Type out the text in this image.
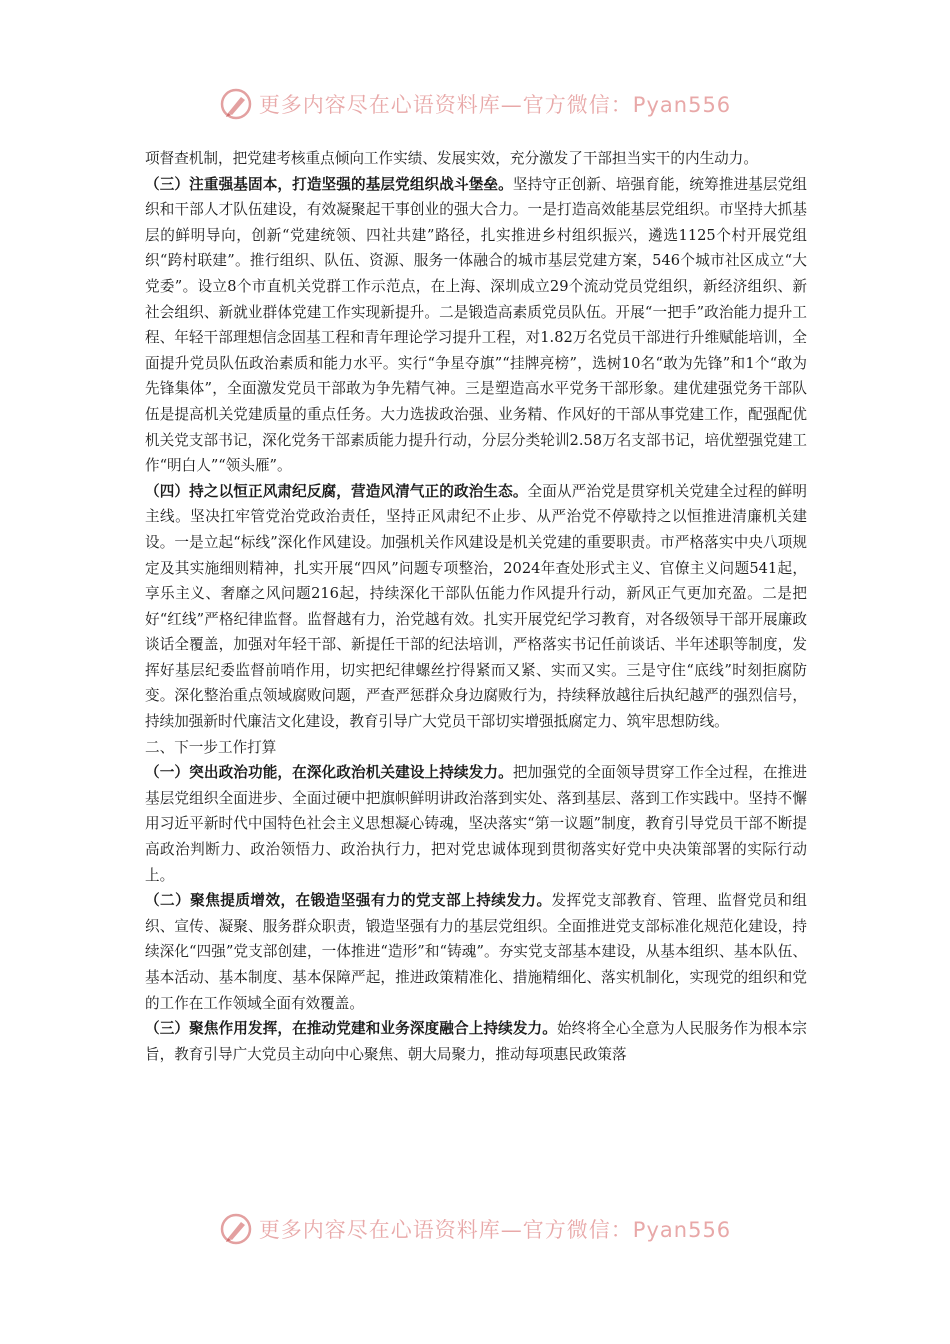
更多内容尽在心语资料库—官方微信：Pyan556

项督查机制，把党建考核重点倾向工作实绩、发展实效，充分激发了干部担当实干的内生动力。

（三）注重强基固本，打造坚强的基层党组织战斗堡垒。坚持守正创新、培强育能，统筹推进基层党组织和干部人才队伍建设，有效凝聚起干事创业的强大合力。一是打造高效能基层党组织。市坚持大抓基层的鲜明导向，创新“党建统领、四社共建”路径，扎实推进乡村组织振兴，遴选1125个村开展党组织“跨村联建”。推行组织、队伍、资源、服务一体融合的城市基层党建方案，546个城市社区成立“大党委”。设立8个市直机关党群工作示范点，在上海、深圳成立29个流动党员党组织，新经济组织、新社会组织、新就业群体党建工作实现新提升。二是锻造高素质党员队伍。开展“一把手”政治能力提升工程、年轻干部理想信念固基工程和青年理论学习提升工程，对1.82万名党员干部进行升维赋能培训，全面提升党员队伍政治素质和能力水平。实行“争星夺旗”“挂牌亮榜”，选树10名“敢为先锋”和1个“敢为先锋集体”，全面激发党员干部敢为争先精气神。三是塑造高水平党务干部形象。建优建强党务干部队伍是提高机关党建质量的重点任务。大力选拔政治强、业务精、作风好的干部从事党建工作，配强配优机关党支部书记，深化党务干部素质能力提升行动，分层分类轮训2.58万名支部书记，培优塑强党建工作“明白人”“领头雁”。

（四）持之以恒正风肃纪反腐，营造风清气正的政治生态。全面从严治党是贯穿机关党建全过程的鲜明主线。坚决扛牢管党治党政治责任，坚持正风肃纪不止步、从严治党不停歇持之以恒推进清廉机关建设。一是立起“标线”深化作风建设。加强机关作风建设是机关党建的重要职责。市严格落实中央八项规定及其实施细则精神，扎实开展“四风”问题专项整治，2024年查处形式主义、官僚主义问题541起，享乐主义、奢靡之风问题216起，持续深化干部队伍能力作风提升行动，新风正气更加充盈。二是把好“红线”严格纪律监督。监督越有力，治党越有效。扎实开展党纪学习教育，对各级领导干部开展廉政谈话全覆盖，加强对年轻干部、新提任干部的纪法培训，严格落实书记任前谈话、半年述职等制度，发挥好基层纪委监督前哨作用，切实把纪律螺丝拧得紧而又紧、实而又实。三是守住“底线”时刻拒腐防变。深化整治重点领域腐败问题，严查严惩群众身边腐败行为，持续释放越往后执纪越严的强烈信号，持续加强新时代廉洁文化建设，教育引导广大党员干部切实增强抵腐定力、筑牢思想防线。

二、下一步工作打算

（一）突出政治功能，在深化政治机关建设上持续发力。把加强党的全面领导贯穿工作全过程，在推进基层党组织全面进步、全面过硬中把旗帜鲜明讲政治落到实处、落到基层、落到工作实践中。坚持不懈用习近平新时代中国特色社会主义思想凝心铸魂，坚决落实“第一议题”制度，教育引导党员干部不断提高政治判断力、政治领悟力、政治执行力，把对党忠诚体现到贯彻落实好党中央决策部署的实际行动上。

（二）聚焦提质增效，在锻造坚强有力的党支部上持续发力。发挥党支部教育、管理、监督党员和组织、宣传、凝聚、服务群众职责，锻造坚强有力的基层党组织。全面推进党支部标准化规范化建设，持续深化“四强”党支部创建，一体推进“造形”和“铸魂”。夯实党支部基本建设，从基本组织、基本队伍、基本活动、基本制度、基本保障严起，推进政策精准化、措施精细化、落实机制化，实现党的组织和党的工作在工作领域全面有效覆盖。

（三）聚焦作用发挥，在推动党建和业务深度融合上持续发力。始终将全心全意为人民服务作为根本宗旨，教育引导广大党员主动向中心聚焦、朝大局聚力，推动每项惠民政策落

更多内容尽在心语资料库—官方微信：Pyan556
